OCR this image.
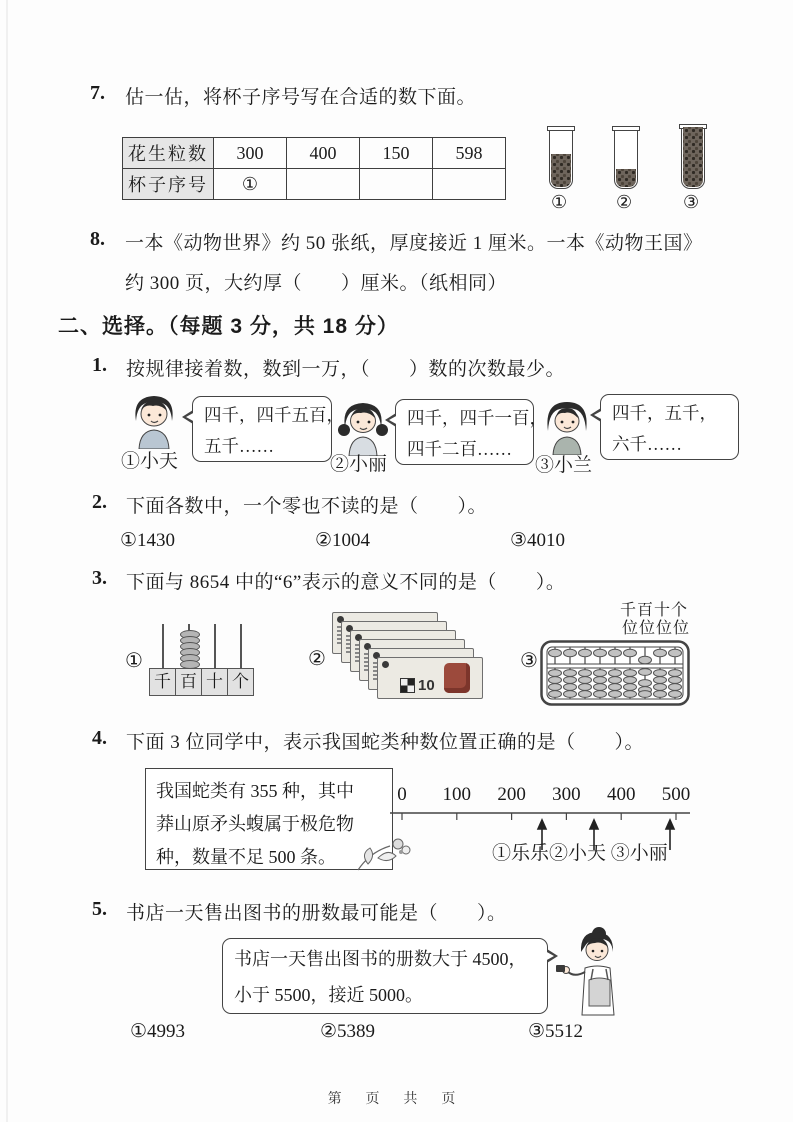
7. 估一估，将杯子序号写在合适的数下面。
花生粒数	300	400	150	598
杯子序号	①			
①	②	③
8. 一本《动物世界》约 50 张纸，厚度接近 1 厘米。一本《动物王国》
约 300 页，大约厚（　　）厘米。（纸相同）
二、选择。（每题 3 分，共 18 分）
1. 按规律接着数，数到一万，（　　）数的次数最少。
四千，四千五百，
五千……
①小天
四千，四千一百，
四千二百……
②小丽
四千，五千，
六千……
③小兰
2. 下面各数中，一个零也不读的是（　　）。
①1430	②1004	③4010
3. 下面与 8654 中的“6”表示的意义不同的是（　　）。
①
千 百 十 个
②
10
千百十个
位位位位
③
4. 下面 3 位同学中，表示我国蛇类种数位置正确的是（　　）。
我国蛇类有 355 种，其中
莽山原矛头蝮属于极危物
种，数量不足 500 条。
0 100 200 300 400 500
①乐乐②小天 ③小丽
5. 书店一天售出图书的册数最可能是（　　）。
书店一天售出图书的册数大于 4500，
小于 5500，接近 5000。
①4993	②5389	③5512
第 页 共 页
